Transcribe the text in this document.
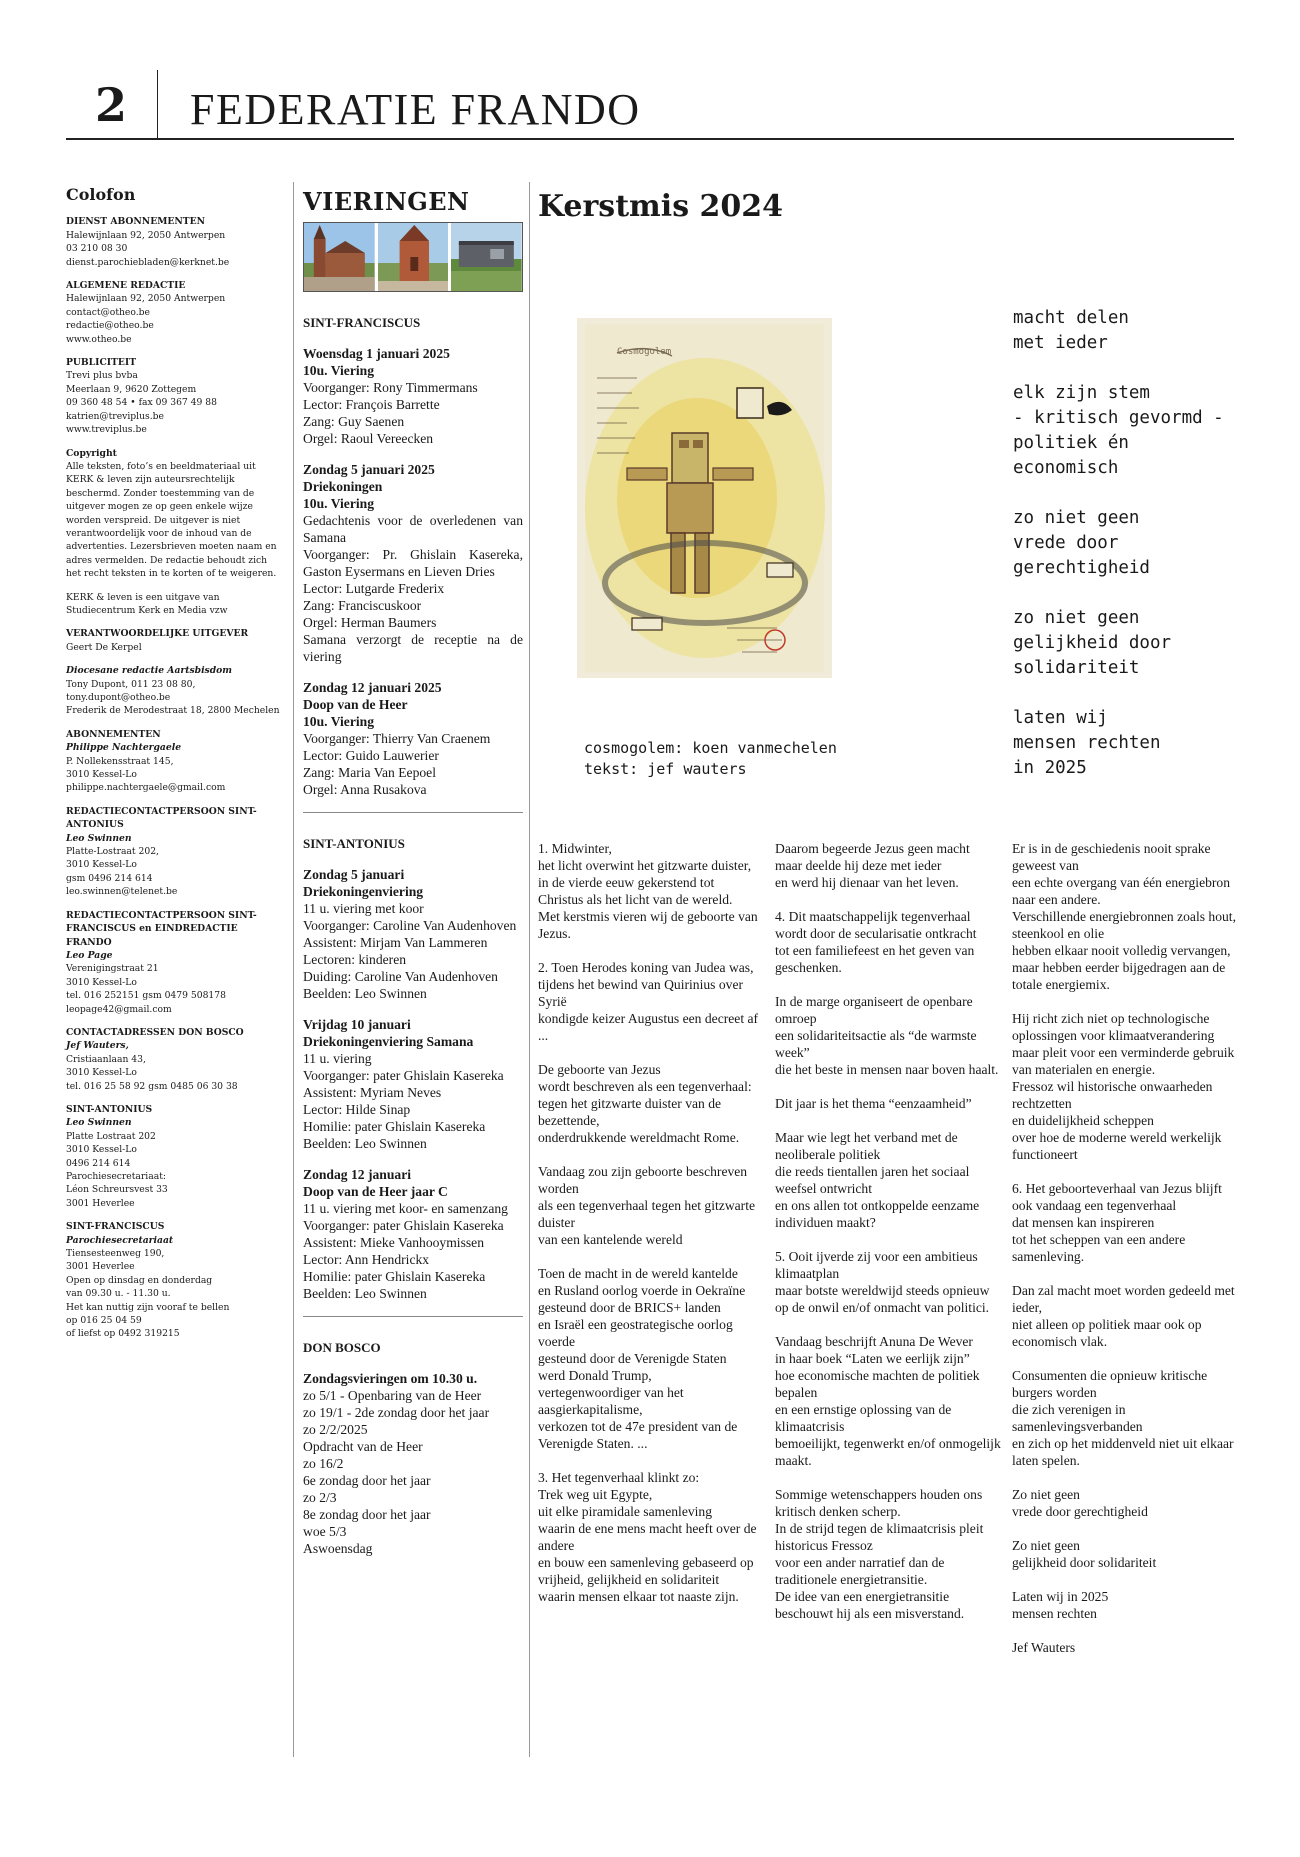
2 FEDERATIE FRANDO
Colofon
DIENST ABONNEMENTEN
Halewijnlaan 92, 2050 Antwerpen
03 210 08 30
dienst.parochiebladen@kerknet.be
ALGEMENE REDACTIE
Halewijnlaan 92, 2050 Antwerpen
contact@otheo.be
redactie@otheo.be
www.otheo.be
PUBLICITEIT
Trevi plus bvba
Meerlaan 9, 9620 Zottegem
09 360 48 54 • fax 09 367 49 88
katrien@treviplus.be
www.treviplus.be
Copyright
Alle teksten, foto’s en beeldmateriaal uit KERK & leven zijn auteursrechtelijk beschermd. Zonder toestemming van de uitgever mogen ze op geen enkele wijze worden verspreid. De uitgever is niet verantwoordelijk voor de inhoud van de advertenties. Lezersbrieven moeten naam en adres vermelden. De redactie behoudt zich het recht teksten in te korten of te weigeren.
KERK & leven is een uitgave van Studiecentrum Kerk en Media vzw
VERANTWOORDELIJKE UITGEVER
Geert De Kerpel
Diocesane redactie Aartsbisdom
Tony Dupont, 011 23 08 80,
tony.dupont@otheo.be
Frederik de Merodestraat 18, 2800 Mechelen
ABONNEMENTEN
Philippe Nachtergaele
P. Nollekensstraat 145,
3010 Kessel-Lo
philippe.nachtergaele@gmail.com
REDACTIECONTACTPERSOON SINT-ANTONIUS
Leo Swinnen
Platte-Lostraat 202,
3010 Kessel-Lo
gsm 0496 214 614
leo.swinnen@telenet.be
REDACTIECONTACTPERSOON SINT-FRANCISCUS en EINDREDACTIE FRANDO
Leo Page
Verenigingstraat 21
3010 Kessel-Lo
tel. 016 252151 gsm 0479 508178
leopage42@gmail.com
CONTACTADRESSEN DON BOSCO
Jef Wauters,
Cristiaanlaan 43,
3010 Kessel-Lo
tel. 016 25 58 92 gsm 0485 06 30 38
SINT-ANTONIUS
Leo Swinnen
Platte Lostraat 202
3010 Kessel-Lo
0496 214 614
Parochiesecretariaat:
Léon Schreursvest 33
3001 Heverlee
SINT-FRANCISCUS
Parochiesecretariaat
Tiensesteenweg 190,
3001 Heverlee
Open op dinsdag en donderdag
van 09.30 u. - 11.30 u.
Het kan nuttig zijn vooraf te bellen
op 016 25 04 59
of liefst op 0492 319215
VIERINGEN
SINT-FRANCISCUS
Woensdag 1 januari 2025
10u. Viering
Voorganger: Rony Timmermans
Lector: François Barrette
Zang: Guy Saenen
Orgel: Raoul Vereecken
Zondag 5 januari 2025
Driekoningen
10u. Viering
Gedachtenis voor de overledenen van Samana
Voorganger: Pr. Ghislain Kasereka, Gaston Eysermans en Lieven Dries
Lector: Lutgarde Frederix
Zang: Franciscuskoor
Orgel: Herman Baumers
Samana verzorgt de receptie na de viering
Zondag 12 januari 2025
Doop van de Heer
10u. Viering
Voorganger: Thierry Van Craenem
Lector: Guido Lauwerier
Zang: Maria Van Eepoel
Orgel: Anna Rusakova
SINT-ANTONIUS
Zondag 5 januari
Driekoningenviering
11 u. viering met koor
Voorganger: Caroline Van Audenhoven
Assistent: Mirjam Van Lammeren
Lectoren: kinderen
Duiding: Caroline Van Audenhoven
Beelden: Leo Swinnen
Vrijdag 10 januari
Driekoningenviering Samana
11 u. viering
Voorganger: pater Ghislain Kasereka
Assistent: Myriam Neves
Lector: Hilde Sinap
Homilie: pater Ghislain Kasereka
Beelden: Leo Swinnen
Zondag 12 januari
Doop van de Heer jaar C
11 u. viering met koor- en samenzang
Voorganger: pater Ghislain Kasereka
Assistent: Mieke Vanhooymissen
Lector: Ann Hendrickx
Homilie: pater Ghislain Kasereka
Beelden: Leo Swinnen
DON BOSCO
Zondagsvieringen om 10.30 u.
zo 5/1 - Openbaring van de Heer
zo 19/1 - 2de zondag door het jaar
zo 2/2/2025
Opdracht van de Heer
zo 16/2
6e zondag door het jaar
zo 2/3
8e zondag door het jaar
woe 5/3
Aswoensdag
Kerstmis 2024
Cosmogolem
cosmogolem: koen vanmechelen
tekst: jef wauters
macht delen
met ieder
elk zijn stem
- kritisch gevormd -
politiek én
economisch
zo niet geen
vrede door
gerechtigheid
zo niet geen
gelijkheid door
solidariteit
laten wij
mensen rechten
in 2025

1. Midwinter,
het licht overwint het gitzwarte duister,
in de vierde eeuw gekerstend tot
Christus als het licht van de wereld.
Met kerstmis vieren wij de geboorte van Jezus.

2. Toen Herodes koning van Judea was,
tijdens het bewind van Quirinius over Syrië
kondigde keizer Augustus een decreet af ...

De geboorte van Jezus
wordt beschreven als een tegenverhaal:
tegen het gitzwarte duister van de bezettende,
onderdrukkende wereldmacht Rome.

Vandaag zou zijn geboorte beschreven worden
als een tegenverhaal tegen het gitzwarte duister
van een kantelende wereld

Toen de macht in de wereld kantelde
en Rusland oorlog voerde in Oekraïne
gesteund door de BRICS+ landen
en Israël een geostrategische oorlog voerde
gesteund door de Verenigde Staten
werd Donald Trump,
vertegenwoordiger van het aasgierkapitalisme,
verkozen tot de 47e president van de Verenigde Staten. ...

3. Het tegenverhaal klinkt zo:
Trek weg uit Egypte,
uit elke piramidale samenleving
waarin de ene mens macht heeft over de andere
en bouw een samenleving gebaseerd op
vrijheid, gelijkheid en solidariteit
waarin mensen elkaar tot naaste zijn.

Daarom begeerde Jezus geen macht
maar deelde hij deze met ieder
en werd hij dienaar van het leven.

4. Dit maatschappelijk tegenverhaal wordt door de secularisatie ontkracht
tot een familiefeest en het geven van geschenken.

In de marge organiseert de openbare omroep
een solidariteitsactie als “de warmste week”
die het beste in mensen naar boven haalt.

Dit jaar is het thema “eenzaamheid”

Maar wie legt het verband met de neoliberale politiek
die reeds tientallen jaren het sociaal weefsel ontwricht
en ons allen tot ontkoppelde eenzame individuen maakt?

5. Ooit ijverde zij voor een ambitieus klimaatplan
maar botste wereldwijd steeds opnieuw
op de onwil en/of onmacht van politici.

Vandaag beschrijft Anuna De Wever
in haar boek “Laten we eerlijk zijn”
hoe economische machten de politiek bepalen
en een ernstige oplossing van de klimaatcrisis
bemoeilijkt, tegenwerkt en/of onmogelijk maakt.

Sommige wetenschappers houden ons kritisch denken scherp.
In de strijd tegen de klimaatcrisis pleit historicus Fressoz
voor een ander narratief dan de traditionele energietransitie.
De idee van een energietransitie beschouwt hij als een misverstand.

Er is in de geschiedenis nooit sprake geweest van
een echte overgang van één energiebron naar een andere.
Verschillende energiebronnen zoals hout, steenkool en olie
hebben elkaar nooit volledig vervangen,
maar hebben eerder bijgedragen aan de totale energiemix.

Hij richt zich niet op technologische oplossingen voor klimaatverandering
maar pleit voor een verminderde gebruik van materialen en energie.
Fressoz wil historische onwaarheden rechtzetten
en duidelijkheid scheppen
over hoe de moderne wereld werkelijk functioneert

6. Het geboorteverhaal van Jezus blijft ook vandaag een tegenverhaal
dat mensen kan inspireren
tot het scheppen van een andere samenleving.

Dan zal macht moet worden gedeeld met ieder,
niet alleen op politiek maar ook op economisch vlak.

Consumenten die opnieuw kritische burgers worden
die zich verenigen in samenlevingsverbanden
en zich op het middenveld niet uit elkaar laten spelen.

Zo niet geen
vrede door gerechtigheid

Zo niet geen
gelijkheid door solidariteit

Laten wij in 2025
mensen rechten

Jef Wauters
